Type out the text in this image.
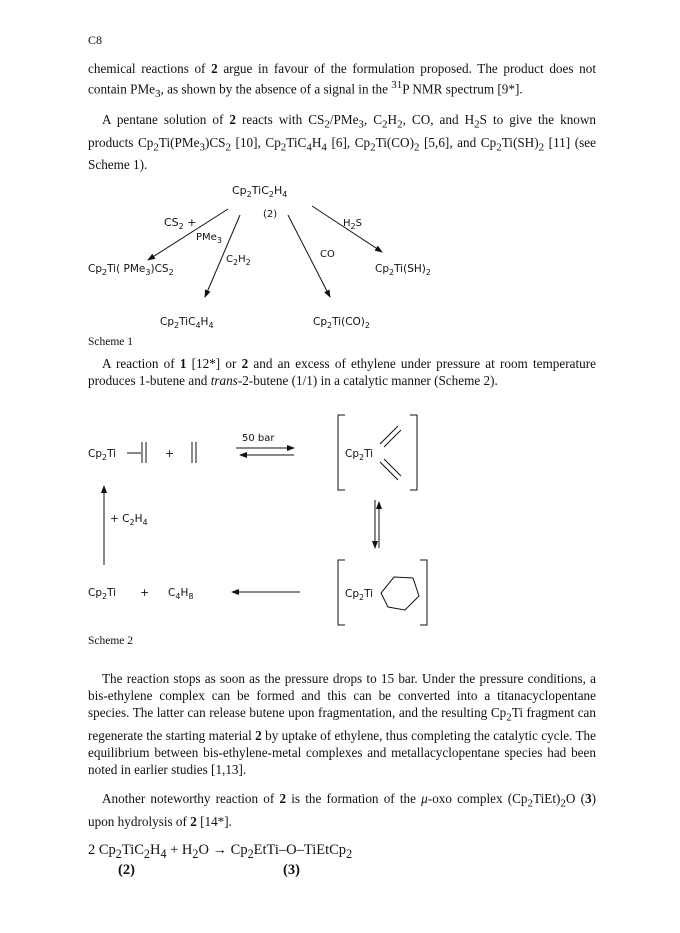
C8

chemical reactions of 2 argue in favour of the formulation proposed. The product does not contain PMe$_3$, as shown by the absence of a signal in the $^{31}$P NMR spectrum [9*].

A pentane solution of 2 reacts with $CS_2/PMe_3$, $C_2H_2$, CO, and $H_2S$ to give the known products $Cp_2Ti(PMe_3)CS_2$ [10], $Cp_2TiC_4H_4$ [6], $Cp_2Ti(CO)_2$ [5,6], and $Cp_2Ti(SH)_2$ [11] (see Scheme 1).

$Cp_2TiC_2H_4$
(2)
$CS_2$ +
PMe$_3$
$C_2H_2$
CO
$H_2S$
$Cp_2Ti$( $PMe_3)CS_2$	$Cp_2Ti(SH)_2$
$Cp_2TiC_4H_4$	$Cp_2Ti(CO)_2$
Scheme 1

A reaction of 1 [12*] or 2 and an excess of ethylene under pressure at room temperature produces 1-butene and trans-2-butene (1/1) in a catalytic manner (Scheme 2).

$Cp_2Ti$	+
50 bar
$Cp_2Ti$
$Cp_2Ti$
$Cp_2Ti + C_4H_8$
+ $C_2H_4$
Scheme 2

The reaction stops as soon as the pressure drops to 15 bar. Under the pressure conditions, a bis-ethylene complex can be formed and this can be converted into a titanacyclopentane species. The latter can release butene upon fragmentation, and the resulting $Cp_2Ti$ fragment can regenerate the starting material 2 by uptake of ethylene, thus completing the catalytic cycle. The equilibrium between bis-ethylene-metal complexes and metallacyclopentane species had been noted in earlier studies [1,13].

Another noteworthy reaction of 2 is the formation of the μ-oxo complex $(Cp_2TiEt)_2O$ (3) upon hydrolysis of 2 [14*].

2 $Cp_2TiC_2H_4 + H_2O$ → $Cp_2EtTi-O-TiEtCp_2$
(2)	(3)
